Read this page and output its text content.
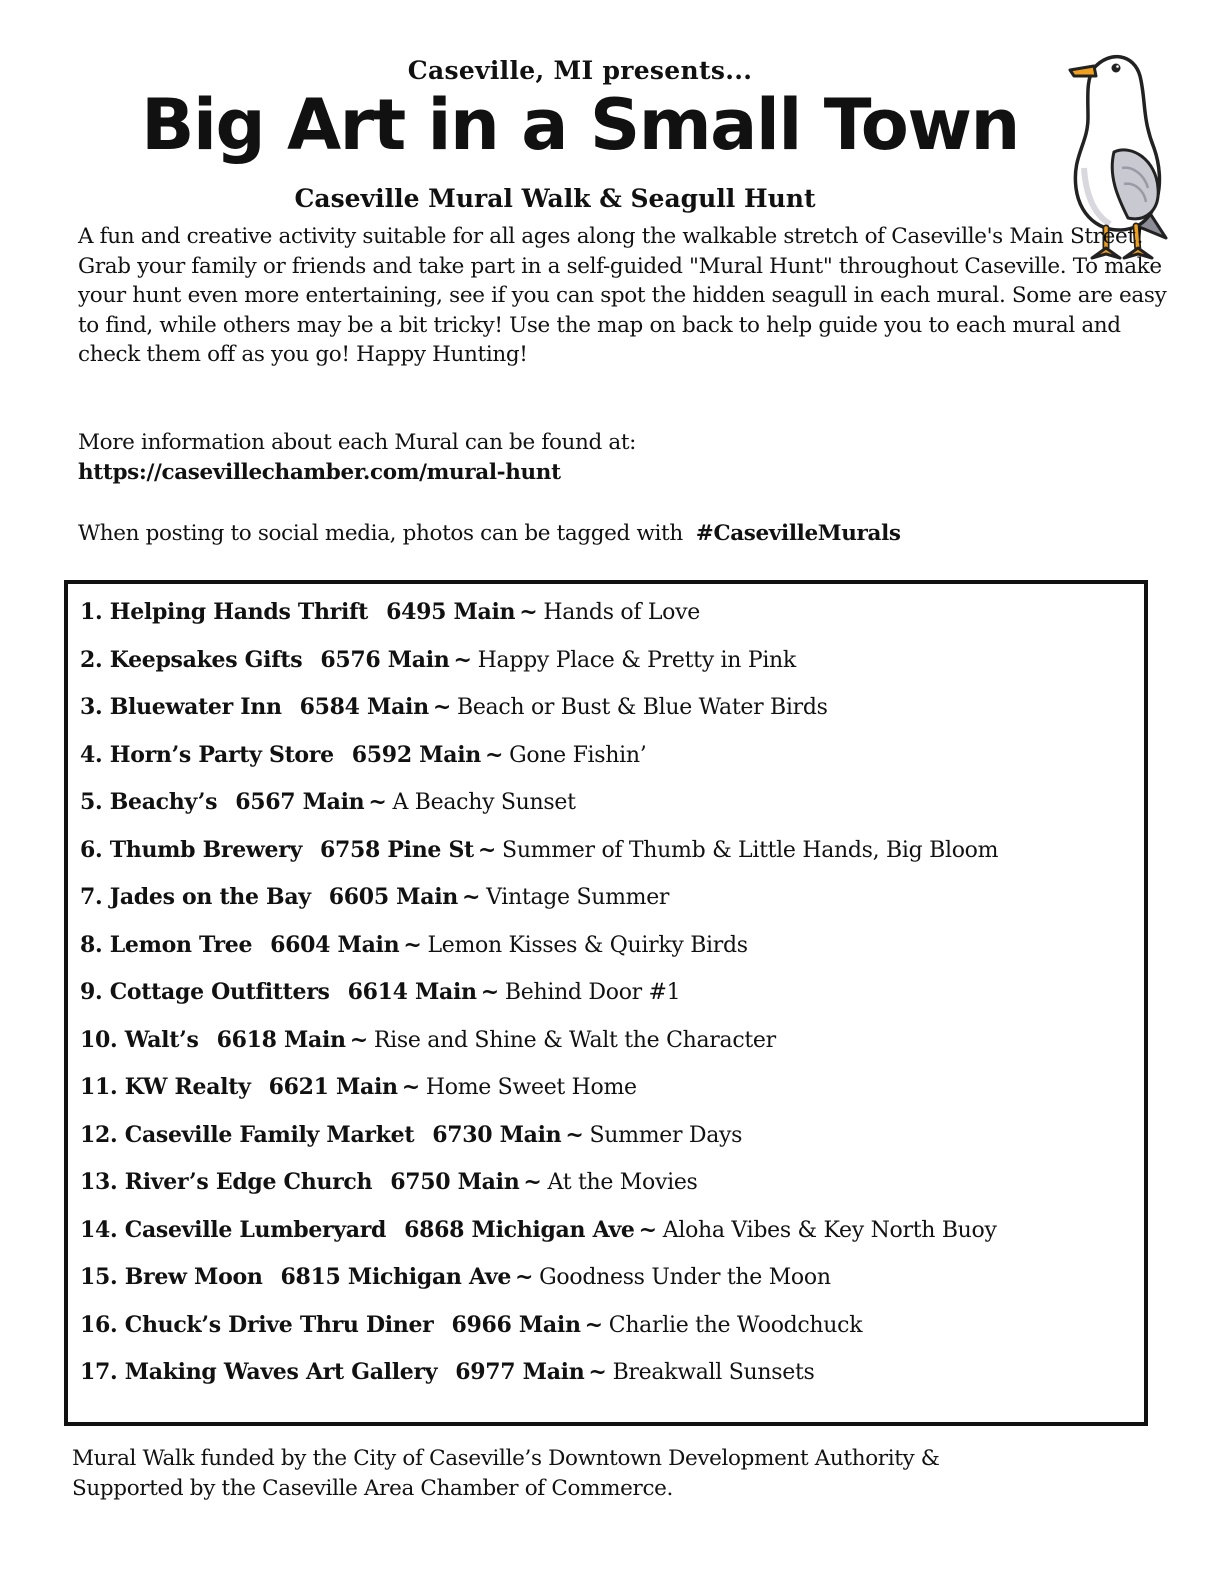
Caseville, MI presents...
Big Art in a Small Town
Caseville Mural Walk & Seagull Hunt

A fun and creative activity suitable for all ages along the walkable stretch of Caseville's Main Street! Grab your family or friends and take part in a self-guided "Mural Hunt" throughout Caseville. To make your hunt even more entertaining, see if you can spot the hidden seagull in each mural. Some are easy to find, while others may be a bit tricky! Use the map on back to help guide you to each mural and check them off as you go! Happy Hunting!

More information about each Mural can be found at:
https://casevillechamber.com/mural-hunt
When posting to social media, photos can be tagged with #CasevilleMurals
1. Helping Hands Thrift 6495 Main ~ Hands of Love
2. Keepsakes Gifts 6576 Main ~ Happy Place & Pretty in Pink
3. Bluewater Inn 6584 Main ~ Beach or Bust & Blue Water Birds
4. Horn’s Party Store 6592 Main ~ Gone Fishin’
5. Beachy’s 6567 Main ~ A Beachy Sunset
6. Thumb Brewery 6758 Pine St ~ Summer of Thumb & Little Hands, Big Bloom
7. Jades on the Bay 6605 Main ~ Vintage Summer
8. Lemon Tree 6604 Main ~ Lemon Kisses & Quirky Birds
9. Cottage Outfitters 6614 Main ~ Behind Door #1
10. Walt’s 6618 Main ~ Rise and Shine & Walt the Character
11. KW Realty 6621 Main ~ Home Sweet Home
12. Caseville Family Market 6730 Main ~ Summer Days
13. River’s Edge Church 6750 Main ~ At the Movies
14. Caseville Lumberyard 6868 Michigan Ave ~ Aloha Vibes & Key North Buoy
15. Brew Moon 6815 Michigan Ave ~ Goodness Under the Moon
16. Chuck’s Drive Thru Diner 6966 Main ~ Charlie the Woodchuck
17. Making Waves Art Gallery 6977 Main ~ Breakwall Sunsets

Mural Walk funded by the City of Caseville’s Downtown Development Authority &

Supported by the Caseville Area Chamber of Commerce.
